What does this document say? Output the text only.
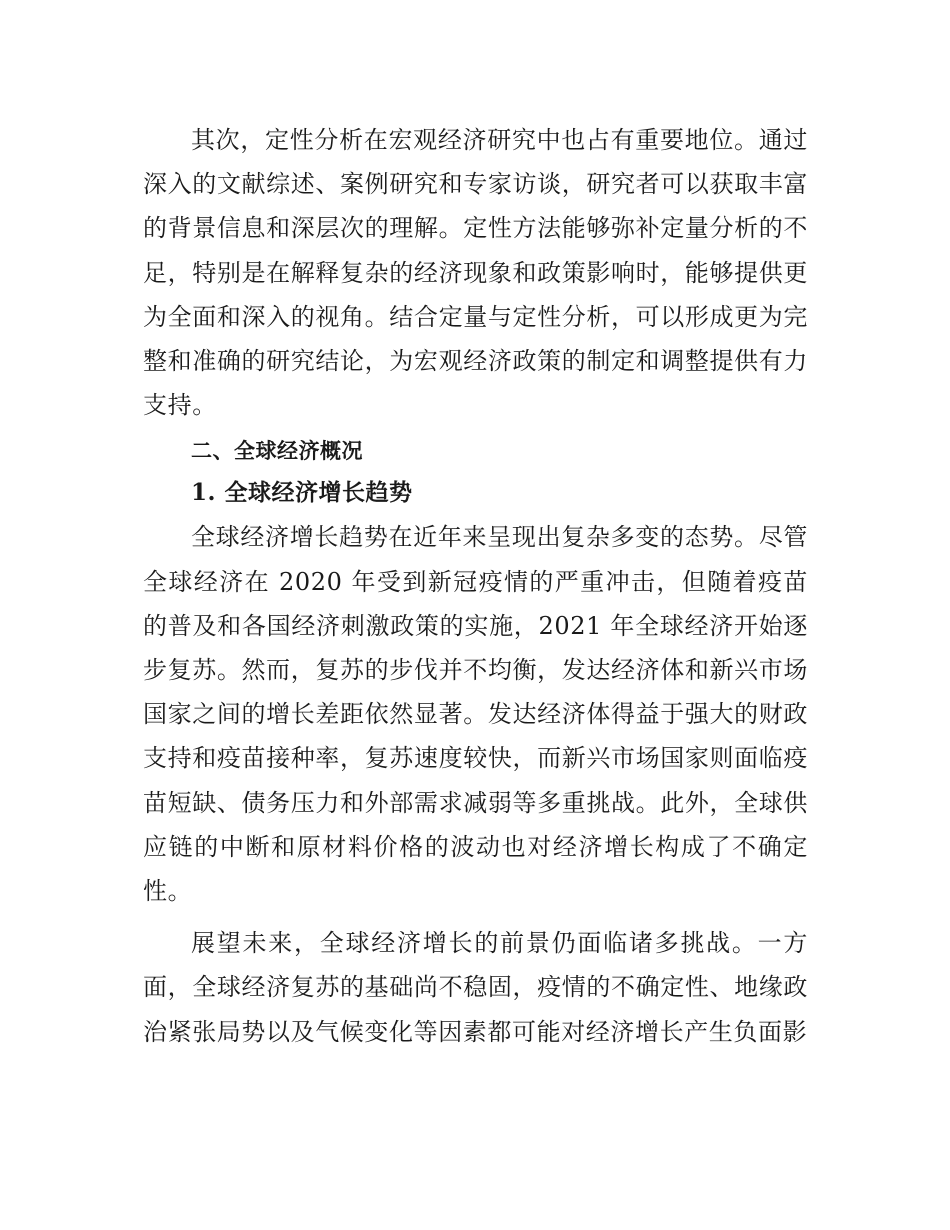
其次，定性分析在宏观经济研究中也占有重要地位。通过深入的文献综述、案例研究和专家访谈，研究者可以获取丰富的背景信息和深层次的理解。定性方法能够弥补定量分析的不足，特别是在解释复杂的经济现象和政策影响时，能够提供更为全面和深入的视角。结合定量与定性分析，可以形成更为完整和准确的研究结论，为宏观经济政策的制定和调整提供有力支持。

二、全球经济概况
1. 全球经济增长趋势

全球经济增长趋势在近年来呈现出复杂多变的态势。尽管全球经济在 2020 年受到新冠疫情的严重冲击，但随着疫苗的普及和各国经济刺激政策的实施，2021 年全球经济开始逐步复苏。然而，复苏的步伐并不均衡，发达经济体和新兴市场国家之间的增长差距依然显著。发达经济体得益于强大的财政支持和疫苗接种率，复苏速度较快，而新兴市场国家则面临疫苗短缺、债务压力和外部需求减弱等多重挑战。此外，全球供应链的中断和原材料价格的波动也对经济增长构成了不确定性。

展望未来，全球经济增长的前景仍面临诸多挑战。一方面，全球经济复苏的基础尚不稳固，疫情的不确定性、地缘政治紧张局势以及气候变化等因素都可能对经济增长产生负面影
